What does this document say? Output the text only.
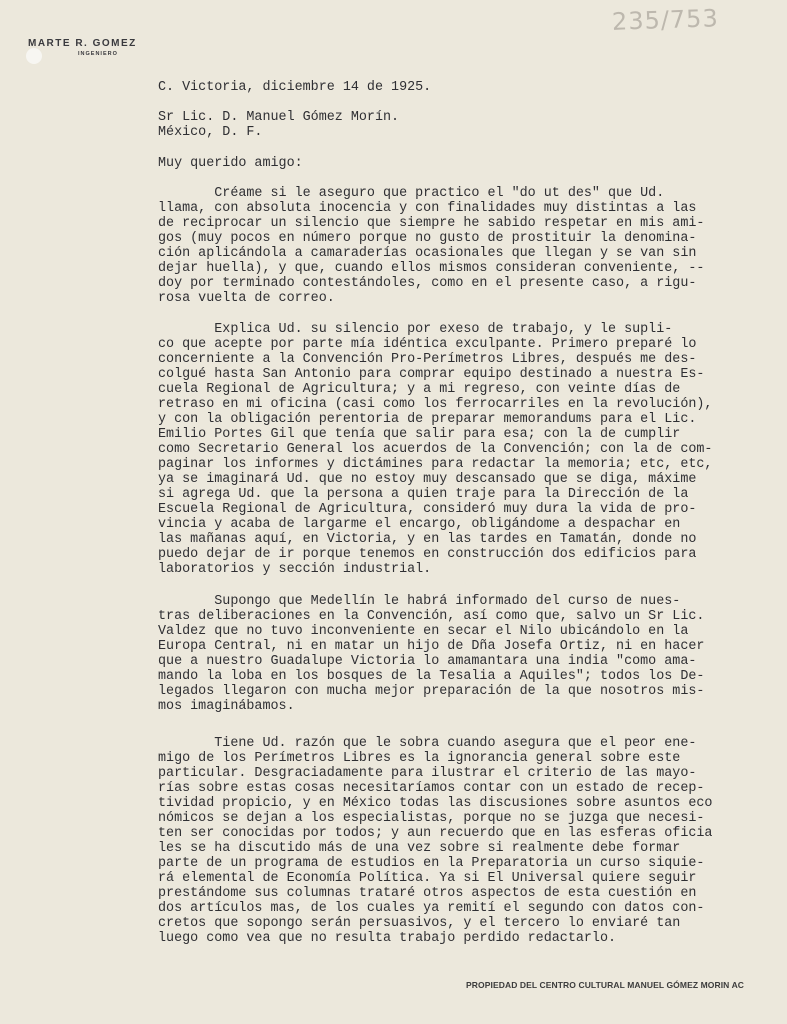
235/753
MARTE R. GOMEZ
INGENIERO
C. Victoria, diciembre 14 de 1925.
Sr Lic. D. Manuel Gómez Morín.
México, D. F.
Muy querido amigo:
Créame si le aseguro que practico el "do ut des" que Ud.
llama, con absoluta inocencia y con finalidades muy distintas a las
de reciprocar un silencio que siempre he sabido respetar en mis ami-
gos (muy pocos en número porque no gusto de prostituir la denomina-
ción aplicándola a camaraderías ocasionales que llegan y se van sin
dejar huella), y que, cuando ellos mismos consideran conveniente, --
doy por terminado contestándoles, como en el presente caso, a rigu-
rosa vuelta de correo.
Explica Ud. su silencio por exeso de trabajo, y le supli-
co que acepte por parte mía idéntica exculpante. Primero preparé lo
concerniente a la Convención Pro-Perímetros Libres, después me des-
colgué hasta San Antonio para comprar equipo destinado a nuestra Es-
cuela Regional de Agricultura; y a mi regreso, con veinte días de
retraso en mi oficina (casi como los ferrocarriles en la revolución),
y con la obligación perentoria de preparar memorandums para el Lic.
Emilio Portes Gil que tenía que salir para esa; con la de cumplir
como Secretario General los acuerdos de la Convención; con la de com-
paginar los informes y dictámines para redactar la memoria; etc, etc,
ya se imaginará Ud. que no estoy muy descansado que se diga, máxime
si agrega Ud. que la persona a quien traje para la Dirección de la
Escuela Regional de Agricultura, consideró muy dura la vida de pro-
vincia y acaba de largarme el encargo, obligándome a despachar en
las mañanas aquí, en Victoria, y en las tardes en Tamatán, donde no
puedo dejar de ir porque tenemos en construcción dos edificios para
laboratorios y sección industrial.
Supongo que Medellín le habrá informado del curso de nues-
tras deliberaciones en la Convención, así como que, salvo un Sr Lic.
Valdez que no tuvo inconveniente en secar el Nilo ubicándolo en la
Europa Central, ni en matar un hijo de Dña Josefa Ortiz, ni en hacer
que a nuestro Guadalupe Victoria lo amamantara una india "como ama-
mando la loba en los bosques de la Tesalia a Aquiles"; todos los De-
legados llegaron con mucha mejor preparación de la que nosotros mis-
mos imaginábamos.
Tiene Ud. razón que le sobra cuando asegura que el peor ene-
migo de los Perímetros Libres es la ignorancia general sobre este
particular. Desgraciadamente para ilustrar el criterio de las mayo-
rías sobre estas cosas necesitaríamos contar con un estado de recep-
tividad propicio, y en México todas las discusiones sobre asuntos eco
nómicos se dejan a los especialistas, porque no se juzga que necesi-
ten ser conocidas por todos; y aun recuerdo que en las esferas oficia
les se ha discutido más de una vez sobre si realmente debe formar
parte de un programa de estudios en la Preparatoria un curso siquie-
rá elemental de Economía Política. Ya si El Universal quiere seguir
prestándome sus columnas trataré otros aspectos de esta cuestión en
dos artículos mas, de los cuales ya remití el segundo con datos con-
cretos que sopongo serán persuasivos, y el tercero lo enviaré tan
luego como vea que no resulta trabajo perdido redactarlo.
PROPIEDAD DEL CENTRO CULTURAL MANUEL GÓMEZ MORIN AC
